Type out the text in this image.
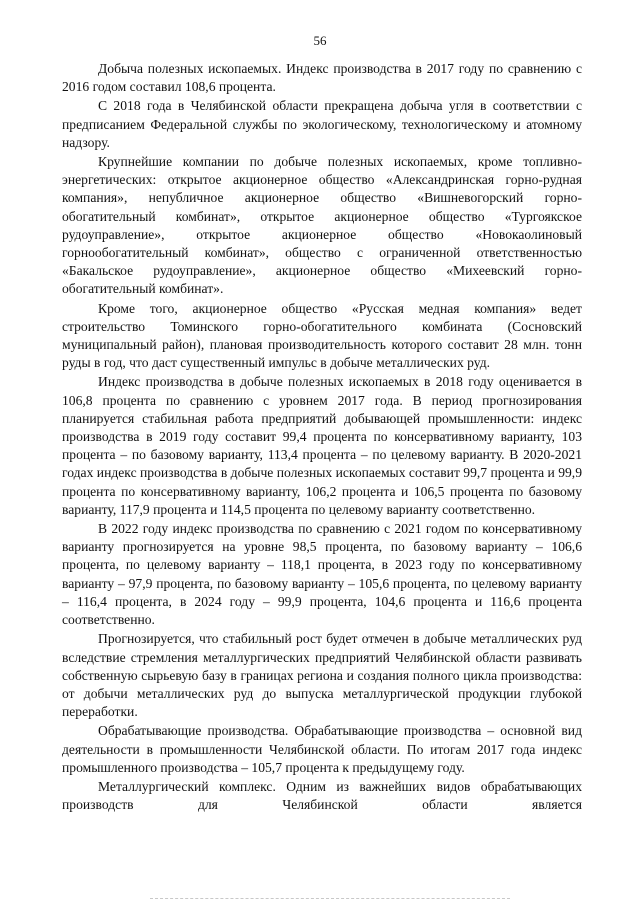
56

Добыча полезных ископаемых. Индекс производства в 2017 году по сравнению с 2016 годом составил 108,6 процента.

С 2018 года в Челябинской области прекращена добыча угля в соответствии с предписанием Федеральной службы по экологическому, технологическому и атомному надзору.

Крупнейшие компании по добыче полезных ископаемых, кроме топливно-энергетических: открытое акционерное общество «Александринская горно-рудная компания», непубличное акционерное общество «Вишневогорский горно-обогатительный комбинат», открытое акционерное общество «Тургоякское рудоуправление», открытое акционерное общество «Новокаолиновый горнообогатительный комбинат», общество с ограниченной ответственностью «Бакальское рудоуправление», акционерное общество «Михеевский горно-обогатительный комбинат».

Кроме того, акционерное общество «Русская медная компания» ведет строительство Томинского горно-обогатительного комбината (Сосновский муниципальный район), плановая производительность которого составит 28 млн. тонн руды в год, что даст существенный импульс в добыче металлических руд.

Индекс производства в добыче полезных ископаемых в 2018 году оценивается в 106,8 процента по сравнению с уровнем 2017 года. В период прогнозирования планируется стабильная работа предприятий добывающей промышленности: индекс производства в 2019 году составит 99,4 процента по консервативному варианту, 103 процента – по базовому варианту, 113,4 процента – по целевому варианту. В 2020-2021 годах индекс производства в добыче полезных ископаемых составит 99,7 процента и 99,9 процента по консервативному варианту, 106,2 процента и 106,5 процента по базовому варианту, 117,9 процента и 114,5 процента по целевому варианту соответственно.

В 2022 году индекс производства по сравнению с 2021 годом по консервативному варианту прогнозируется на уровне 98,5 процента, по базовому варианту – 106,6 процента, по целевому варианту – 118,1 процента, в 2023 году по консервативному варианту – 97,9 процента, по базовому варианту – 105,6 процента, по целевому варианту – 116,4 процента, в 2024 году – 99,9 процента, 104,6 процента и 116,6 процента соответственно.

Прогнозируется, что стабильный рост будет отмечен в добыче металлических руд вследствие стремления металлургических предприятий Челябинской области развивать собственную сырьевую базу в границах региона и создания полного цикла производства: от добычи металлических руд до выпуска металлургической продукции глубокой переработки.

Обрабатывающие производства. Обрабатывающие производства – основной вид деятельности в промышленности Челябинской области. По итогам 2017 года индекс промышленного производства – 105,7 процента к предыдущему году.

Металлургический комплекс. Одним из важнейших видов обрабатывающих производств для Челябинской области является
